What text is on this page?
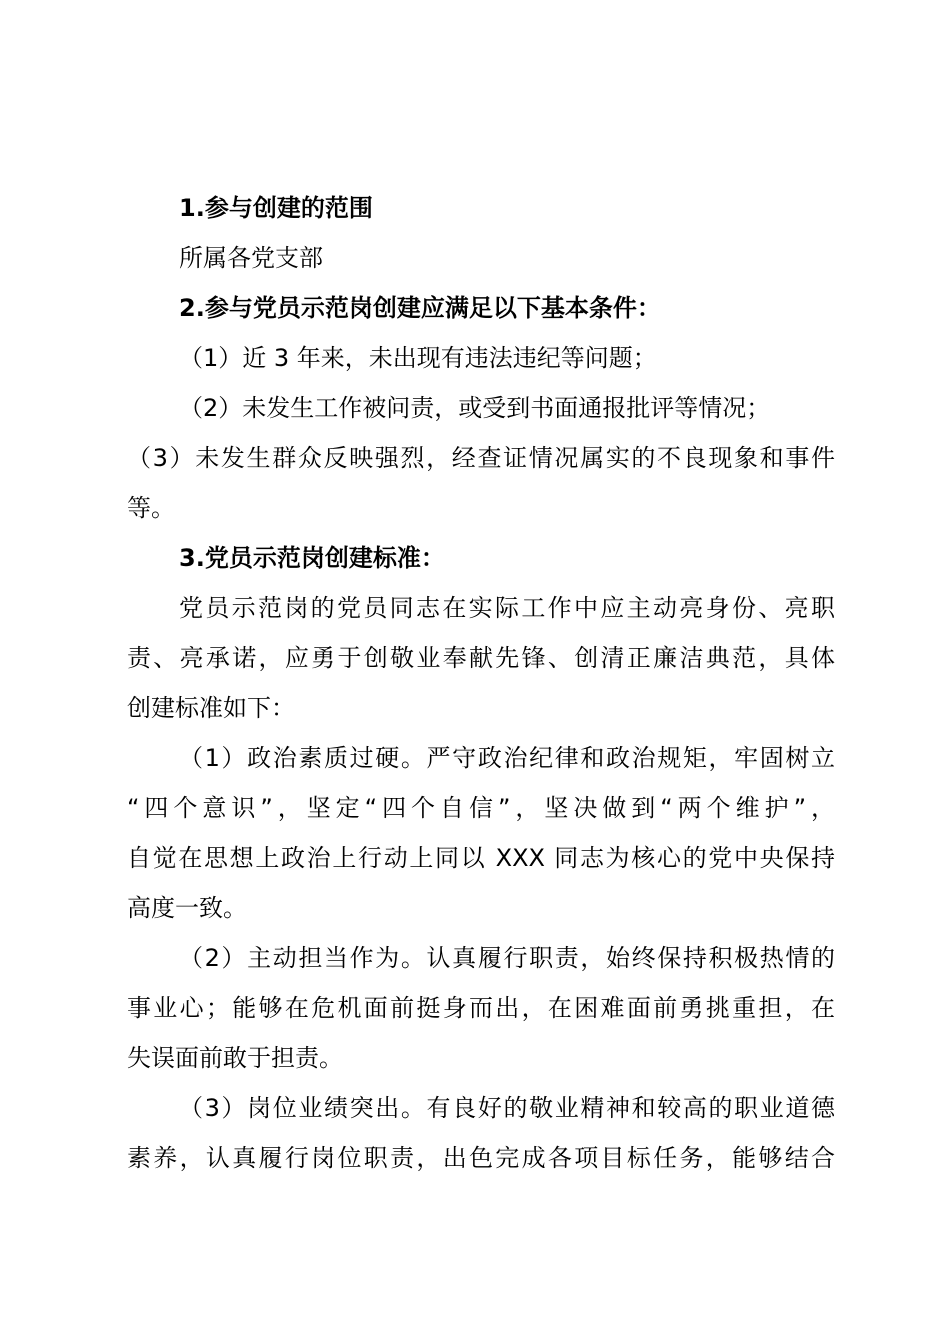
1.参与创建的范围
所属各党支部
2.参与党员示范岗创建应满足以下基本条件：
（1）近 3 年来，未出现有违法违纪等问题；
（2）未发生工作被问责，或受到书面通报批评等情况；
（3）未发生群众反映强烈，经查证情况属实的不良现象和事件
等。
3.党员示范岗创建标准：
党员示范岗的党员同志在实际工作中应主动亮身份、亮职
责、亮承诺，应勇于创敬业奉献先锋、创清正廉洁典范，具体
创建标准如下：
（1）政治素质过硬。严守政治纪律和政治规矩，牢固树立
“四个意识”，坚定“四个自信”，坚决做到“两个维护”，
自觉在思想上政治上行动上同以 XXX 同志为核心的党中央保持
高度一致。
（2）主动担当作为。认真履行职责，始终保持积极热情的
事业心；能够在危机面前挺身而出，在困难面前勇挑重担，在
失误面前敢于担责。
（3）岗位业绩突出。有良好的敬业精神和较高的职业道德
素养，认真履行岗位职责，出色完成各项目标任务，能够结合
